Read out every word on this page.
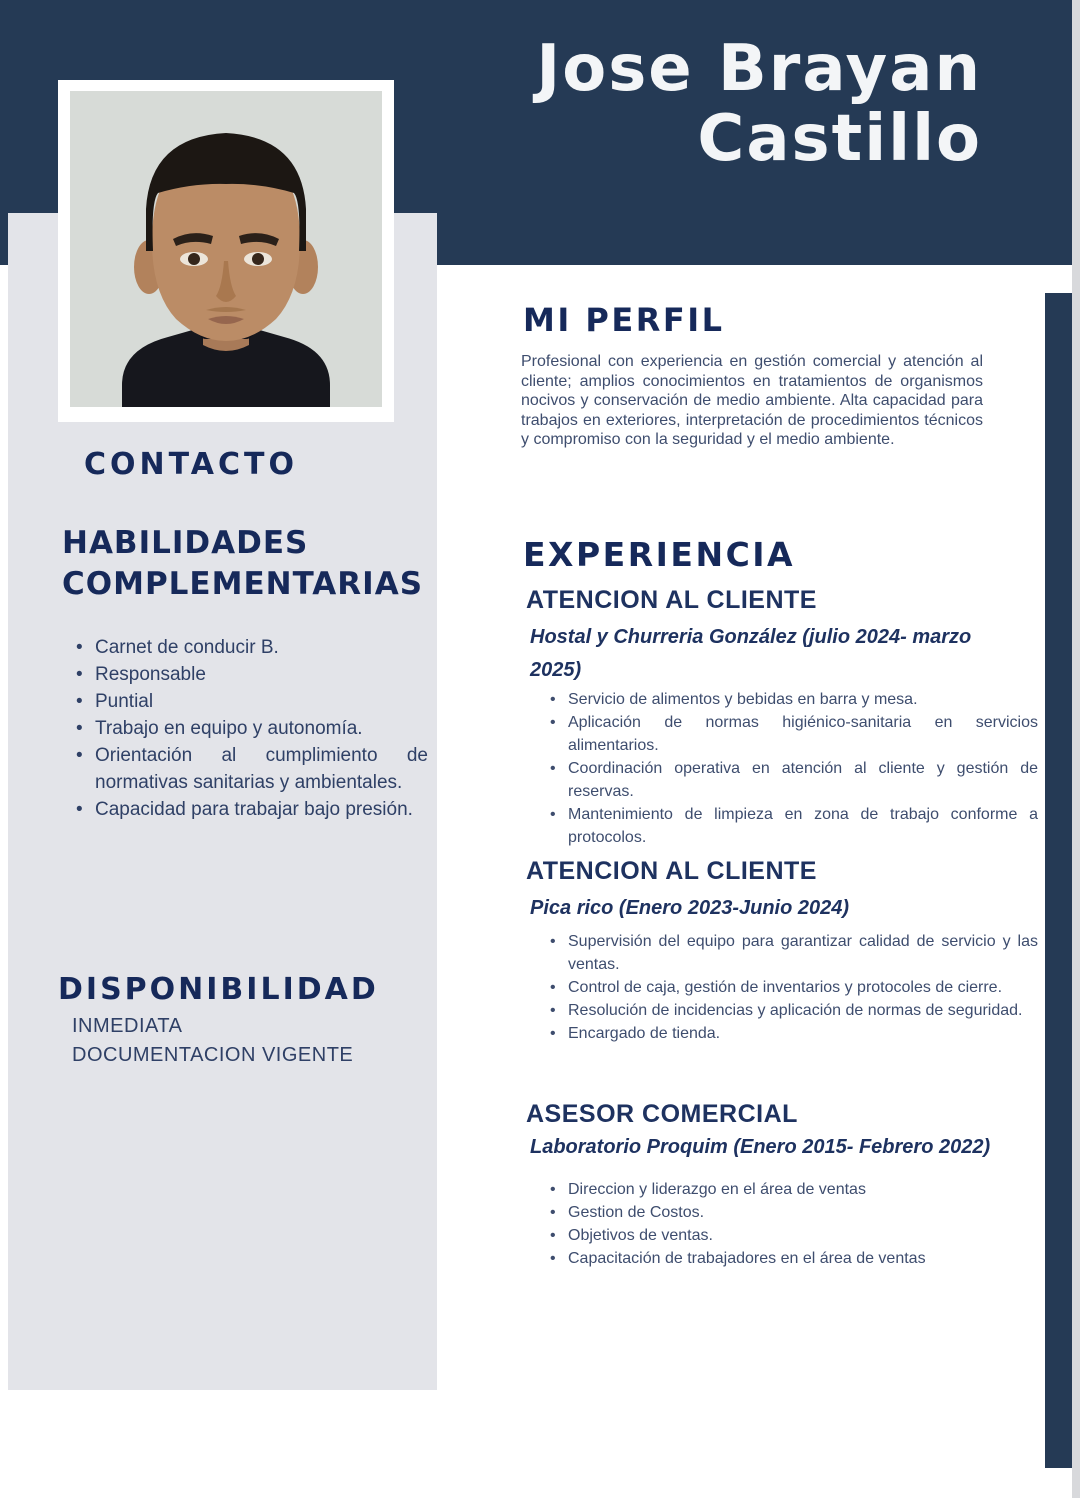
Jose Brayan
Castillo
CONTACTO
HABILIDADES
COMPLEMENTARIAS
• Carnet de conducir B.
• Responsable
• Puntial
• Trabajo en equipo y autonomía.
• Orientación al cumplimiento de normativas sanitarias y ambientales.
• Capacidad para trabajar bajo presión.
DISPONIBILIDAD
INMEDIATA
DOCUMENTACION VIGENTE
MI PERFIL
Profesional con experiencia en gestión comercial y atención al cliente; amplios conocimientos en tratamientos de organismos nocivos y conservación de medio ambiente. Alta capacidad para trabajos en exteriores, interpretación de procedimientos técnicos y compromiso con la seguridad y el medio ambiente.
EXPERIENCIA
ATENCION AL CLIENTE
Hostal y Churreria González (julio 2024- marzo 2025)
• Servicio de alimentos y bebidas en barra y mesa.
• Aplicación de normas higiénico-sanitaria en servicios alimentarios.
• Coordinación operativa en atención al cliente y gestión de reservas.
• Mantenimiento de limpieza en zona de trabajo conforme a protocolos.
ATENCION AL CLIENTE
Pica rico (Enero 2023-Junio 2024)
• Supervisión del equipo para garantizar calidad de servicio y las ventas.
• Control de caja, gestión de inventarios y protocoles de cierre.
• Resolución de incidencias y aplicación de normas de seguridad.
• Encargado de tienda.
ASESOR COMERCIAL
Laboratorio Proquim (Enero 2015- Febrero 2022)
• Direccion y liderazgo en el área de ventas
• Gestion de Costos.
• Objetivos de ventas.
• Capacitación de trabajadores en el área de ventas
